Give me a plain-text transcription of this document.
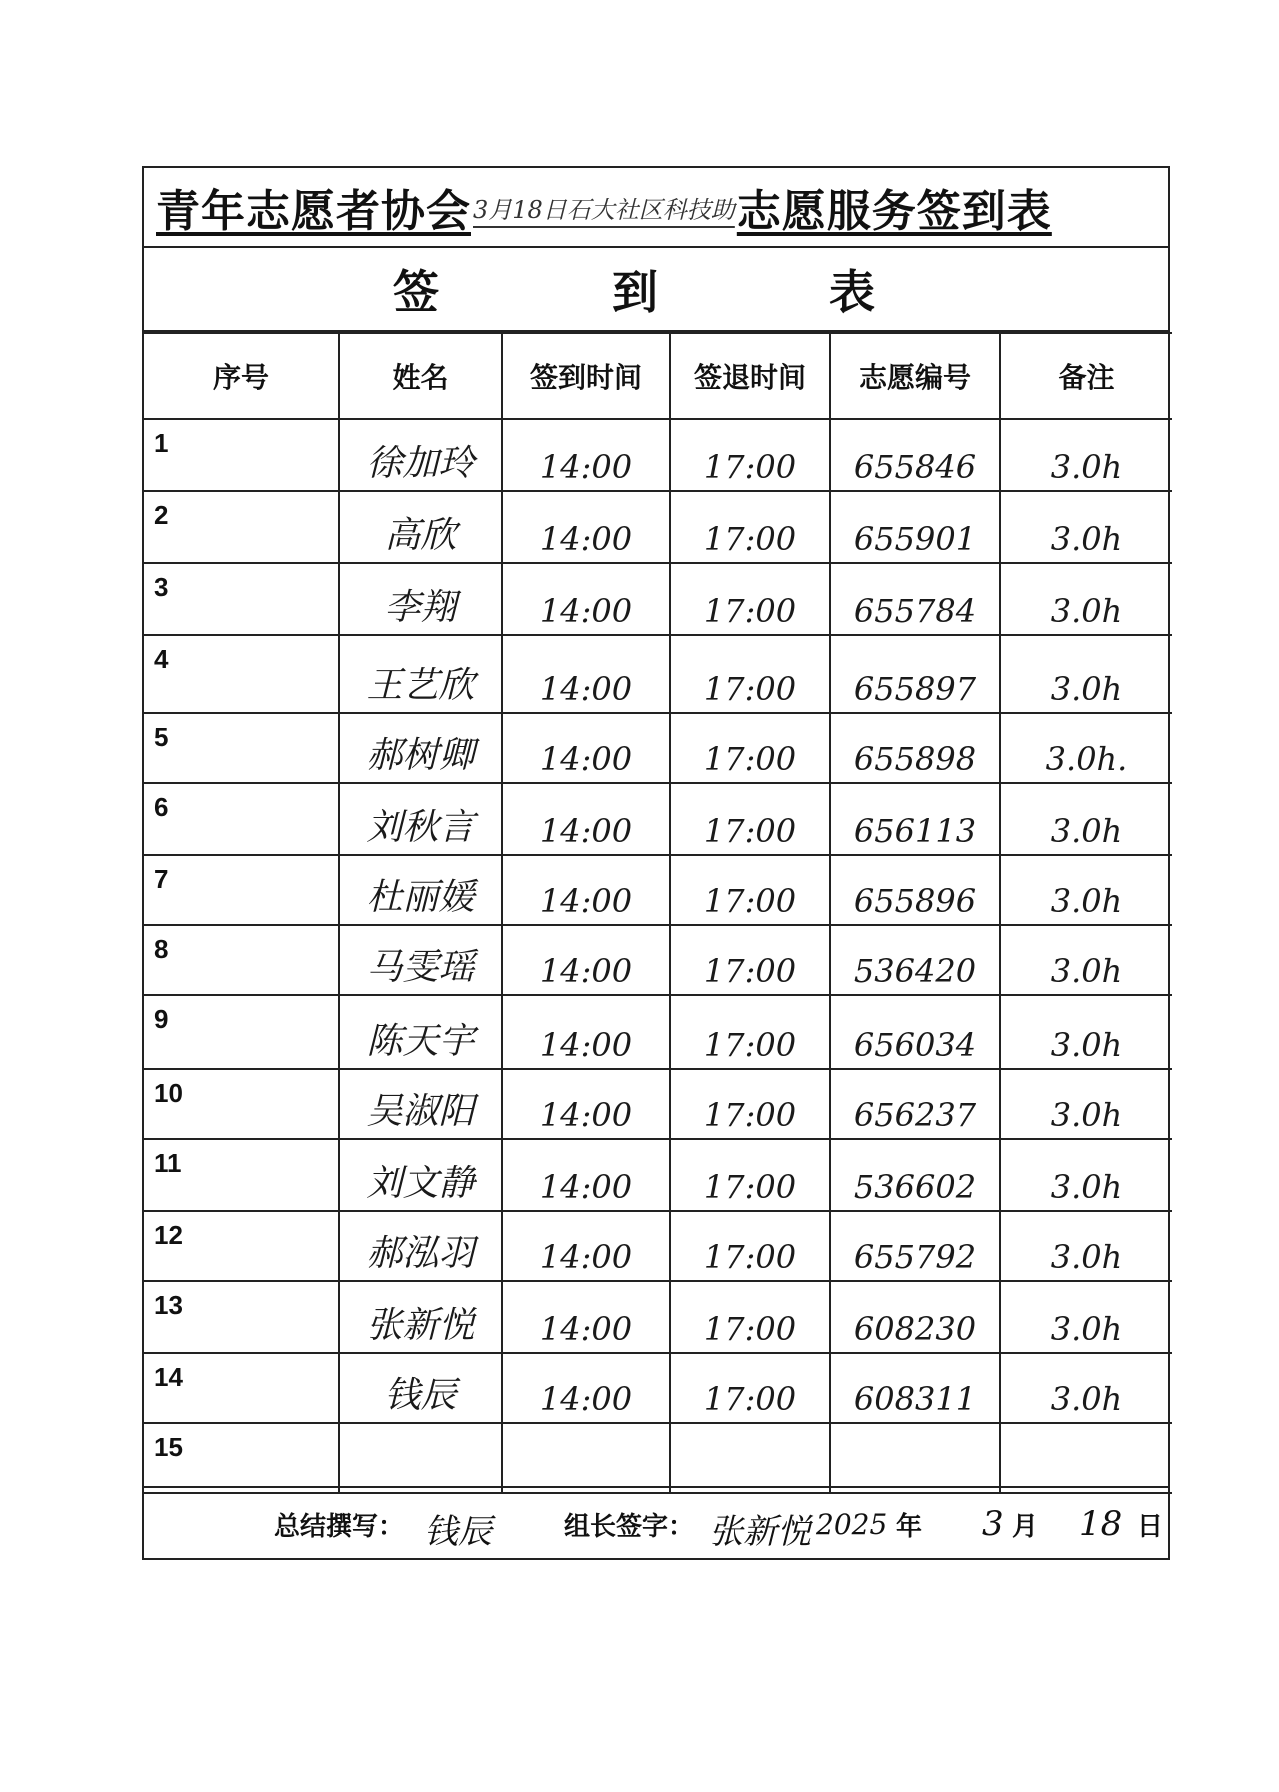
青年志愿者协会 3月18日石大社区科技助 志愿服务签到表
签	到	表
序号	姓名	签到时间	签退时间	志愿编号	备注

1	徐加玲	14:00	17:00	655846	3.0h

2	高欣	14:00	17:00	655901	3.0h

3	李翔	14:00	17:00	655784	3.0h

4	王艺欣	14:00	17:00	655897	3.0h

5	郝树卿	14:00	17:00	655898	3.0h.

6	刘秋言	14:00	17:00	656113	3.0h

7	杜丽媛	14:00	17:00	655896	3.0h

8	马雯瑶	14:00	17:00	536420	3.0h

9	陈天宇	14:00	17:00	656034	3.0h

10	吴淑阳	14:00	17:00	656237	3.0h

11	刘文静	14:00	17:00	536602	3.0h

12	郝泓羽	14:00	17:00	655792	3.0h

13	张新悦	14:00	17:00	608230	3.0h

14	钱辰	14:00	17:00	608311	3.0h

15					

总结撰写： 钱辰	组长签字： 张新悦 2025 年 3 月 18 日
